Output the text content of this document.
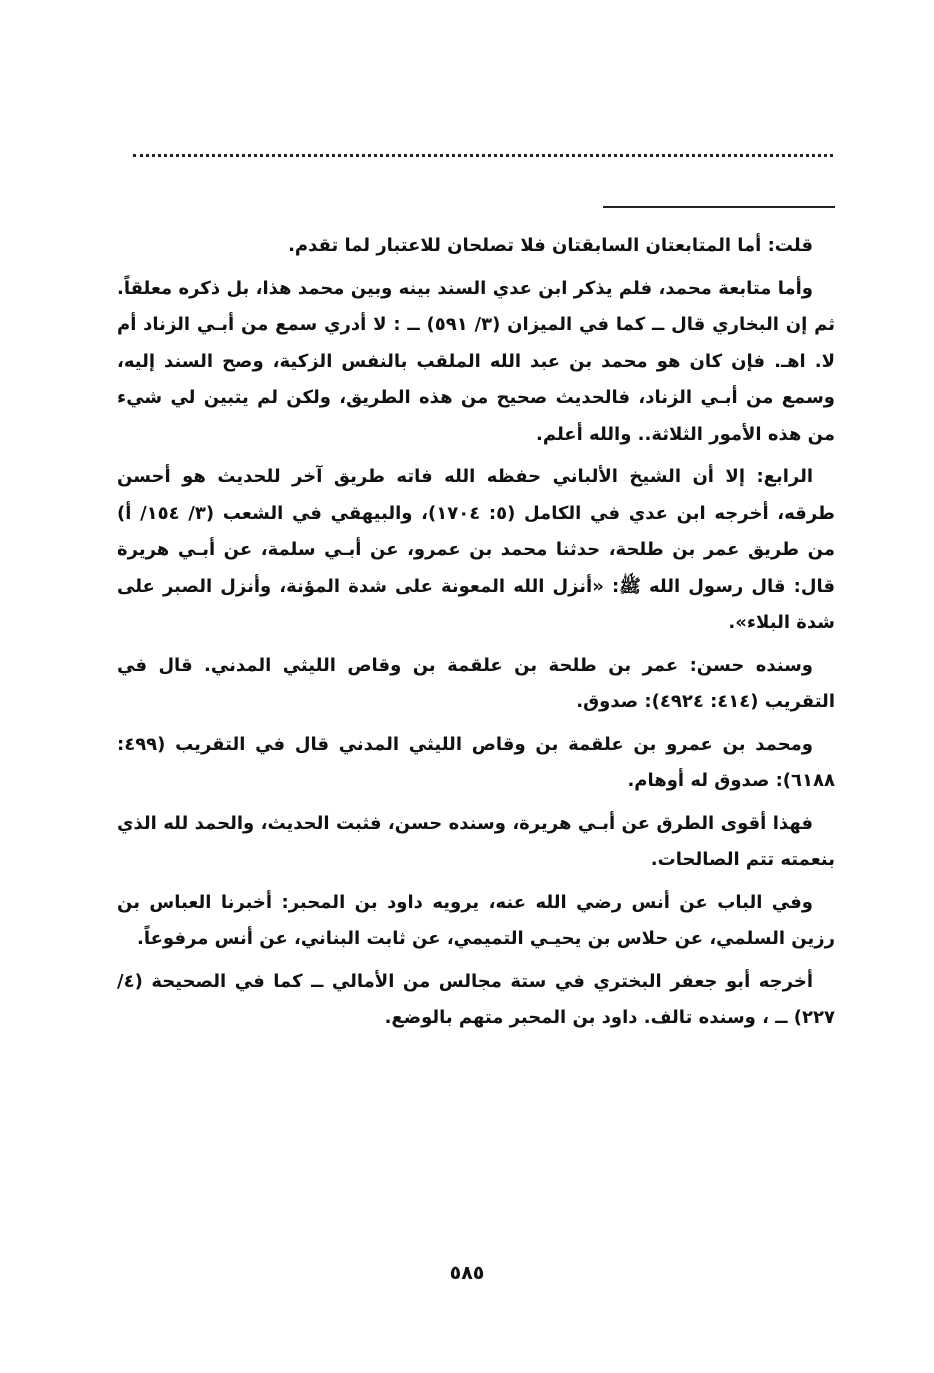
قلت: أما المتابعتان السابقتان فلا تصلحان للاعتبار لما تقدم.

وأما متابعة محمد، فلم يذكر ابن عدي السند بينه وبين محمد هذا، بل ذكره معلقاً. ثم إن البخاري قال ــ كما في الميزان (٣/ ٥٩١) ــ : لا أدري سمع من أبـي الزناد أم لا. اهـ. فإن كان هو محمد بن عبد الله الملقب بالنفس الزكية، وصح السند إليه، وسمع من أبـي الزناد، فالحديث صحيح من هذه الطريق، ولكن لم يتبين لي شيء من هذه الأمور الثلاثة.. والله أعلم.

الرابع: إلا أن الشيخ الألباني حفظه الله فاته طريق آخر للحديث هو أحسن طرقه، أخرجه ابن عدي في الكامل (٥: ١٧٠٤)، والبيهقي في الشعب (٣/ ١٥٤/ أ) من طريق عمر بن طلحة، حدثنا محمد بن عمرو، عن أبـي سلمة، عن أبـي هريرة قال: قال رسول الله ﷺ: «أنزل الله المعونة على شدة المؤنة، وأنزل الصبر على شدة البلاء».

وسنده حسن: عمر بن طلحة بن علقمة بن وقاص الليثي المدني. قال في التقريب (٤١٤: ٤٩٢٤): صدوق.

ومحمد بن عمرو بن علقمة بن وقاص الليثي المدني قال في التقريب (٤٩٩: ٦١٨٨): صدوق له أوهام.

فهذا أقوى الطرق عن أبـي هريرة، وسنده حسن، فثبت الحديث، والحمد لله الذي بنعمته تتم الصالحات.

وفي الباب عن أنس رضي الله عنه، يرويه داود بن المحبر: أخبرنا العباس بن رزين السلمي، عن حلاس بن يحيـي التميمي، عن ثابت البناني، عن أنس مرفوعاً.

أخرجه أبو جعفر البختري في ستة مجالس من الأمالي ــ كما في الصحيحة (٤/ ٢٢٧) ــ ، وسنده تالف. داود بن المحبر متهم بالوضع.

٥٨٥
